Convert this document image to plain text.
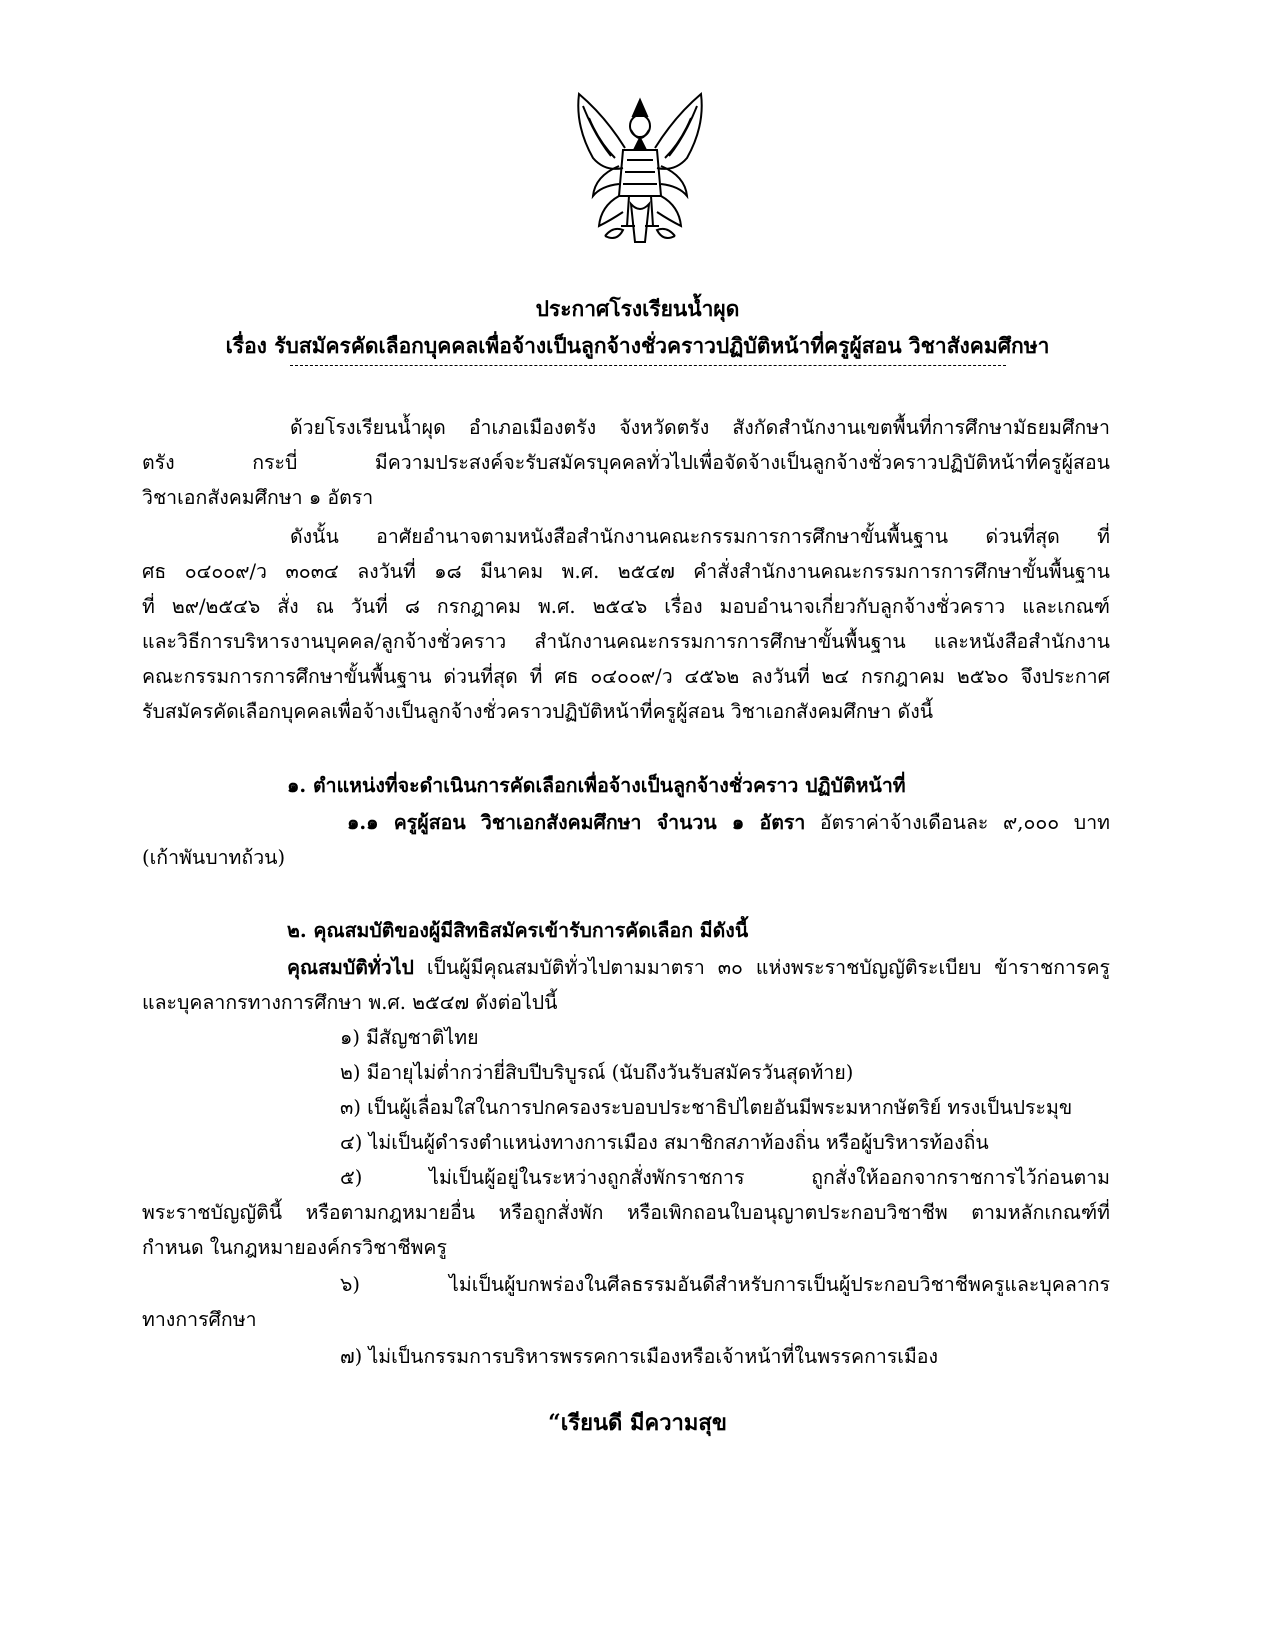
ประกาศโรงเรียนน้ำผุด
เรื่อง รับสมัครคัดเลือกบุคคลเพื่อจ้างเป็นลูกจ้างชั่วคราวปฏิบัติหน้าที่ครูผู้สอน วิชาสังคมศึกษา
ด้วยโรงเรียนน้ำผุด อำเภอเมืองตรัง จังหวัดตรัง สังกัดสำนักงานเขตพื้นที่การศึกษามัธยมศึกษา
ตรัง กระบี่ มีความประสงค์จะรับสมัครบุคคลทั่วไปเพื่อจัดจ้างเป็นลูกจ้างชั่วคราวปฏิบัติหน้าที่ครูผู้สอน
วิชาเอกสังคมศึกษา ๑ อัตรา
ดังนั้น อาศัยอำนาจตามหนังสือสำนักงานคณะกรรมการการศึกษาขั้นพื้นฐาน ด่วนที่สุด ที่
ศธ ๐๔๐๐๙/ว ๓๐๓๔ ลงวันที่ ๑๘ มีนาคม พ.ศ. ๒๕๔๗ คำสั่งสำนักงานคณะกรรมการการศึกษาขั้นพื้นฐาน
ที่ ๒๙/๒๕๔๖ สั่ง ณ วันที่ ๘ กรกฎาคม พ.ศ. ๒๕๔๖ เรื่อง มอบอำนาจเกี่ยวกับลูกจ้างชั่วคราว และเกณฑ์
และวิธีการบริหารงานบุคคล/ลูกจ้างชั่วคราว สำนักงานคณะกรรมการการศึกษาขั้นพื้นฐาน และหนังสือสำนักงาน
คณะกรรมการการศึกษาขั้นพื้นฐาน ด่วนที่สุด ที่ ศธ ๐๔๐๐๙/ว ๔๕๖๒ ลงวันที่ ๒๔ กรกฎาคม ๒๕๖๐ จึงประกาศ
รับสมัครคัดเลือกบุคคลเพื่อจ้างเป็นลูกจ้างชั่วคราวปฏิบัติหน้าที่ครูผู้สอน วิชาเอกสังคมศึกษา ดังนี้
๑. ตำแหน่งที่จะดำเนินการคัดเลือกเพื่อจ้างเป็นลูกจ้างชั่วคราว ปฏิบัติหน้าที่
๑.๑ ครูผู้สอน วิชาเอกสังคมศึกษา จำนวน ๑ อัตรา อัตราค่าจ้างเดือนละ ๙,๐๐๐ บาท
(เก้าพันบาทถ้วน)
๒. คุณสมบัติของผู้มีสิทธิสมัครเข้ารับการคัดเลือก มีดังนี้
คุณสมบัติทั่วไป เป็นผู้มีคุณสมบัติทั่วไปตามมาตรา ๓๐ แห่งพระราชบัญญัติระเบียบ ข้าราชการครู
และบุคลากรทางการศึกษา พ.ศ. ๒๕๔๗ ดังต่อไปนี้
๑) มีสัญชาติไทย
๒) มีอายุไม่ต่ำกว่ายี่สิบปีบริบูรณ์ (นับถึงวันรับสมัครวันสุดท้าย)
๓) เป็นผู้เลื่อมใสในการปกครองระบอบประชาธิปไตยอันมีพระมหากษัตริย์ ทรงเป็นประมุข
๔) ไม่เป็นผู้ดำรงตำแหน่งทางการเมือง สมาชิกสภาท้องถิ่น หรือผู้บริหารท้องถิ่น
๕) ไม่เป็นผู้อยู่ในระหว่างถูกสั่งพักราชการ ถูกสั่งให้ออกจากราชการไว้ก่อนตาม
พระราชบัญญัตินี้ หรือตามกฎหมายอื่น หรือถูกสั่งพัก หรือเพิกถอนใบอนุญาตประกอบวิชาชีพ ตามหลักเกณฑ์ที่
กำหนด ในกฎหมายองค์กรวิชาชีพครู
๖) ไม่เป็นผู้บกพร่องในศีลธรรมอันดีสำหรับการเป็นผู้ประกอบวิชาชีพครูและบุคลากร
ทางการศึกษา
๗) ไม่เป็นกรรมการบริหารพรรคการเมืองหรือเจ้าหน้าที่ในพรรคการเมือง
“เรียนดี มีความสุข
